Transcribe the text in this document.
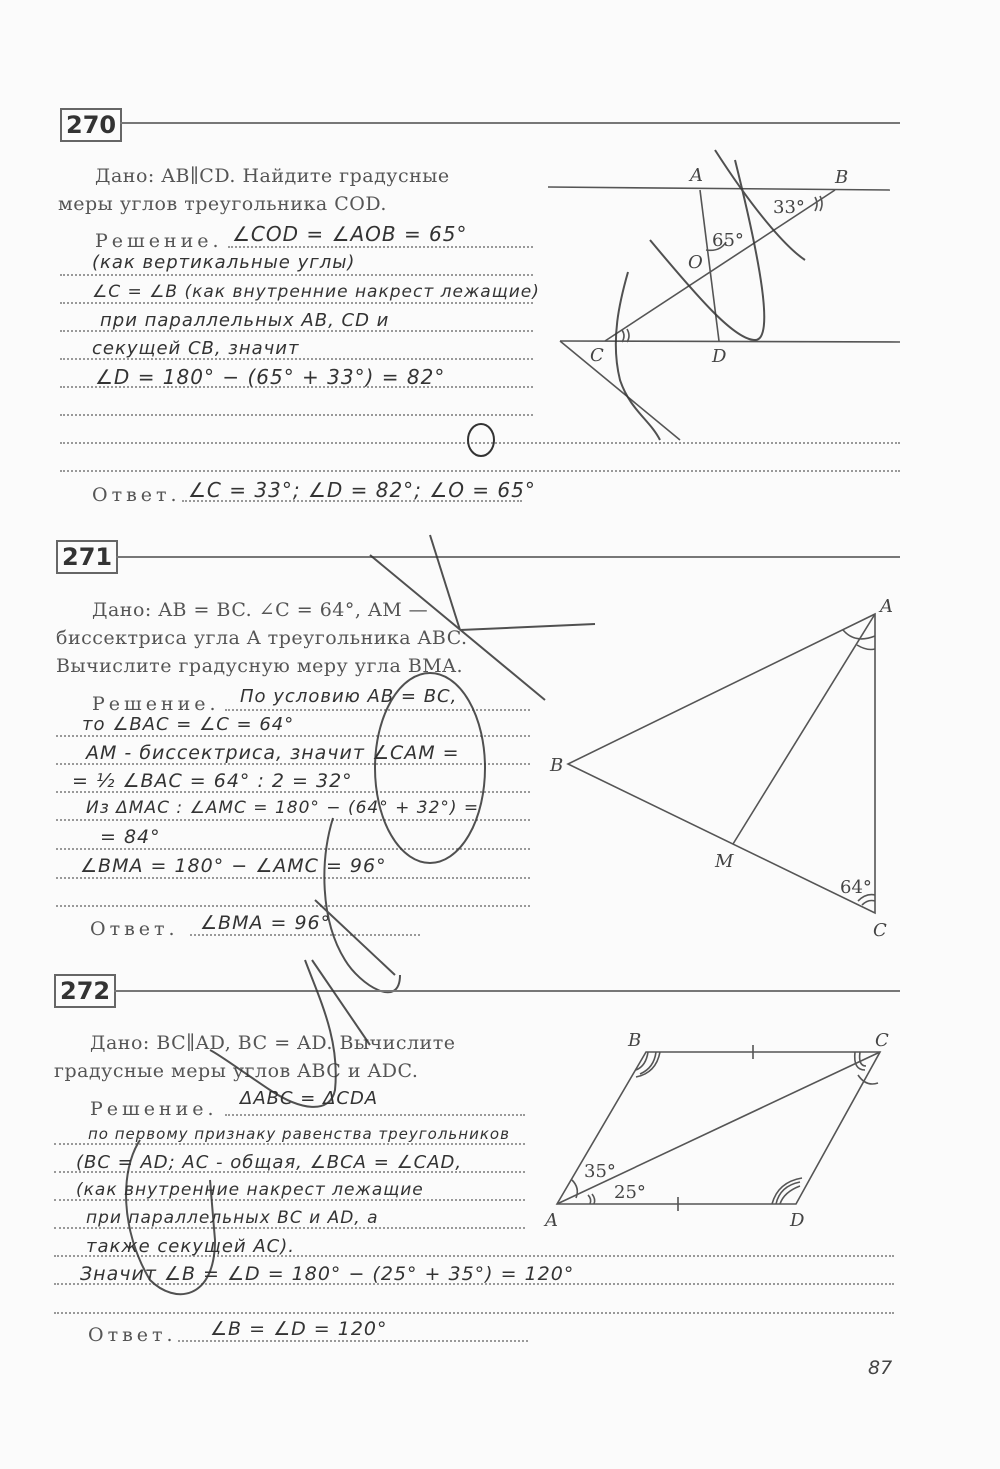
270
Дано: AB∥CD. Найдите градусные
меры углов треугольника COD.
Решение. ∠COD = ∠AOB = 65°
(как вертикальные углы)
∠C = ∠B (как внутренние накрест лежащие)
при параллельных AB, CD и
секущей CB, значит
∠D = 180° − (65° + 33°) = 82°
Ответ. ∠C = 33°; ∠D = 82°; ∠O = 65°
A	B
C	D
O
33°
65°
271
Дано: AB = BC. ∠C = 64°, AM —
биссектриса угла A треугольника ABC.
Вычислите градусную меру угла BMA.
Решение. По условию AB = BC,
то ∠BAC = ∠C = 64°
AM - биссектриса, значит ∠CAM =
= ½ ∠BAC = 64° : 2 = 32°
Из ΔMAC : ∠AMC = 180° − (64° + 32°) =
= 84°
∠BMA = 180° − ∠AMC = 96°
Ответ. ∠BMA = 96°
A
B
C
M
64°
272
Дано: BC∥AD, BC = AD. Вычислите
градусные меры углов ABC и ADC.
Решение. ΔABC = ΔCDA
по первому признаку равенства треугольников
(BC = AD; AC - общая, ∠BCA = ∠CAD,
(как внутренние накрест лежащие
при параллельных BC и AD, а
также секущей AC).
Значит ∠B = ∠D = 180° − (25° + 35°) = 120°
Ответ. ∠B = ∠D = 120°
B	C
A	D
35°
25°
87
